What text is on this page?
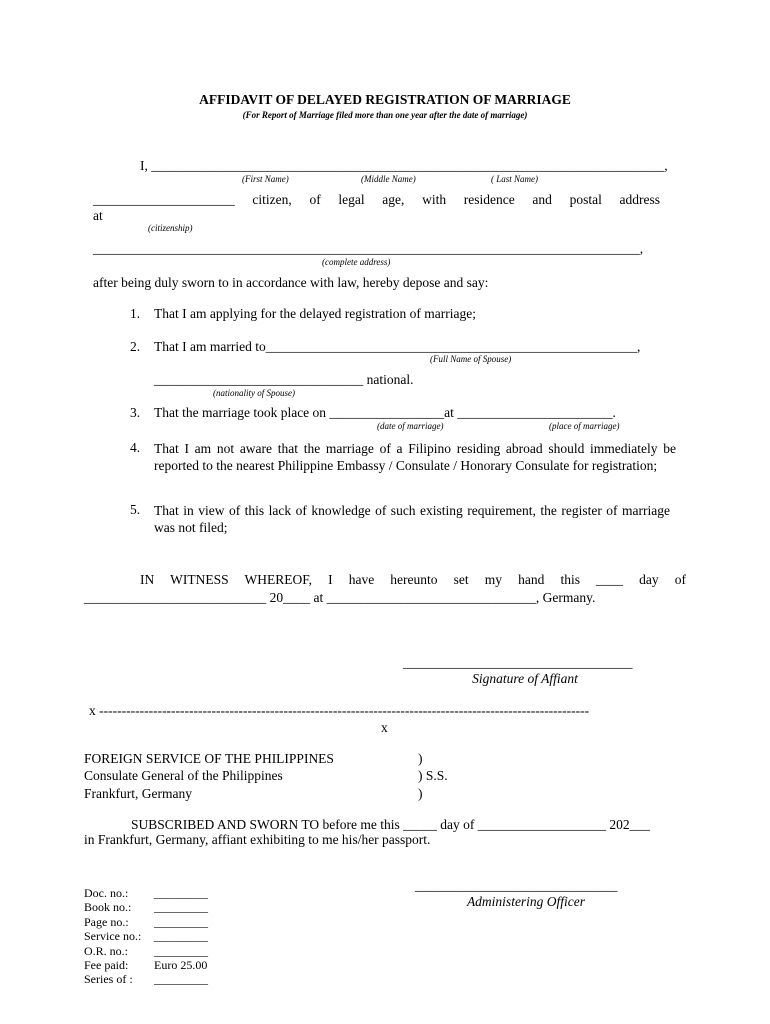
AFFIDAVIT OF DELAYED REGISTRATION OF MARRIAGE
(For Report of Marriage filed more than one year after the date of marriage)
I, ____________________________________________________________________________,
(First Name)	(Middle Name)	( Last Name)
_____________________ citizen, of legal age, with residence and postal address
at
(citizenship)
_________________________________________________________________________________,
(complete address)
after being duly sworn to in accordance with law, hereby depose and say:
1. That I am applying for the delayed registration of marriage;
2. That I am married to_______________________________________________________,
(Full Name of Spouse)
_______________________________ national.
(nationality of Spouse)
3. That the marriage took place on _________________at _______________________.
(date of marriage)	(place of marriage)
4. That I am not aware that the marriage of a Filipino residing abroad should immediately be reported to the nearest Philippine Embassy / Consulate / Honorary Consulate for registration;
5. That in view of this lack of knowledge of such existing requirement, the register of marriage was not filed;
IN WITNESS WHEREOF, I have hereunto set my hand this ____ day of
___________________________ 20____ at _______________________________, Germany.
__________________________________
Signature of Affiant
x -------------------------------------------------------------------------------------------------------------
x
FOREIGN SERVICE OF THE PHILIPPINES
Consulate General of the Philippines
Frankfurt, Germany
)
) S.S.
)
SUBSCRIBED AND SWORN TO before me this _____ day of ___________________ 202___
in Frankfurt, Germany, affiant exhibiting to me his/her passport.
______________________________
Administering Officer
Doc. no.: _________
Book no.: _________
Page no.: _________
Service no.: _________
O.R. no.: _________
Fee paid: Euro 25.00
Series of : _________
